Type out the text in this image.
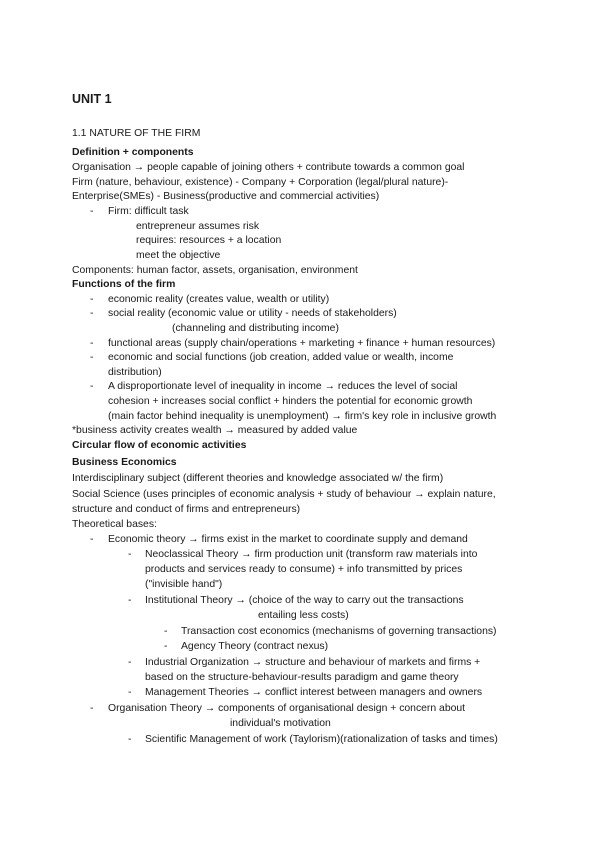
UNIT 1
1.1 NATURE OF THE FIRM
Definition + components
Organisation → people capable of joining others + contribute towards a common goal
Firm (nature, behaviour, existence) - Company + Corporation (legal/plural nature)-
Enterprise(SMEs) - Business(productive and commercial activities)
- Firm: difficult task
entrepreneur assumes risk
requires: resources + a location
meet the objective
Components: human factor, assets, organisation, environment
Functions of the firm
- economic reality (creates value, wealth or utility)
- social reality (economic value or utility - needs of stakeholders)
(channeling and distributing income)
- functional areas (supply chain/operations + marketing + finance + human resources)
- economic and social functions (job creation, added value or wealth, income
distribution)
- A disproportionate level of inequality in income → reduces the level of social
cohesion + increases social conflict + hinders the potential for economic growth
(main factor behind inequality is unemployment) → firm's key role in inclusive growth
*business activity creates wealth → measured by added value
Circular flow of economic activities
Business Economics
Interdisciplinary subject (different theories and knowledge associated w/ the firm)
Social Science (uses principles of economic analysis + study of behaviour → explain nature,
structure and conduct of firms and entrepreneurs)
Theoretical bases:
- Economic theory → firms exist in the market to coordinate supply and demand
- Neoclassical Theory → firm production unit (transform raw materials into
products and services ready to consume) + info transmitted by prices
("invisible hand")
- Institutional Theory → (choice of the way to carry out the transactions
entailing less costs)
- Transaction cost economics (mechanisms of governing transactions)
- Agency Theory (contract nexus)
- Industrial Organization → structure and behaviour of markets and firms +
based on the structure-behaviour-results paradigm and game theory
- Management Theories → conflict interest between managers and owners
- Organisation Theory → components of organisational design + concern about
individual's motivation
- Scientific Management of work (Taylorism)(rationalization of tasks and times)
